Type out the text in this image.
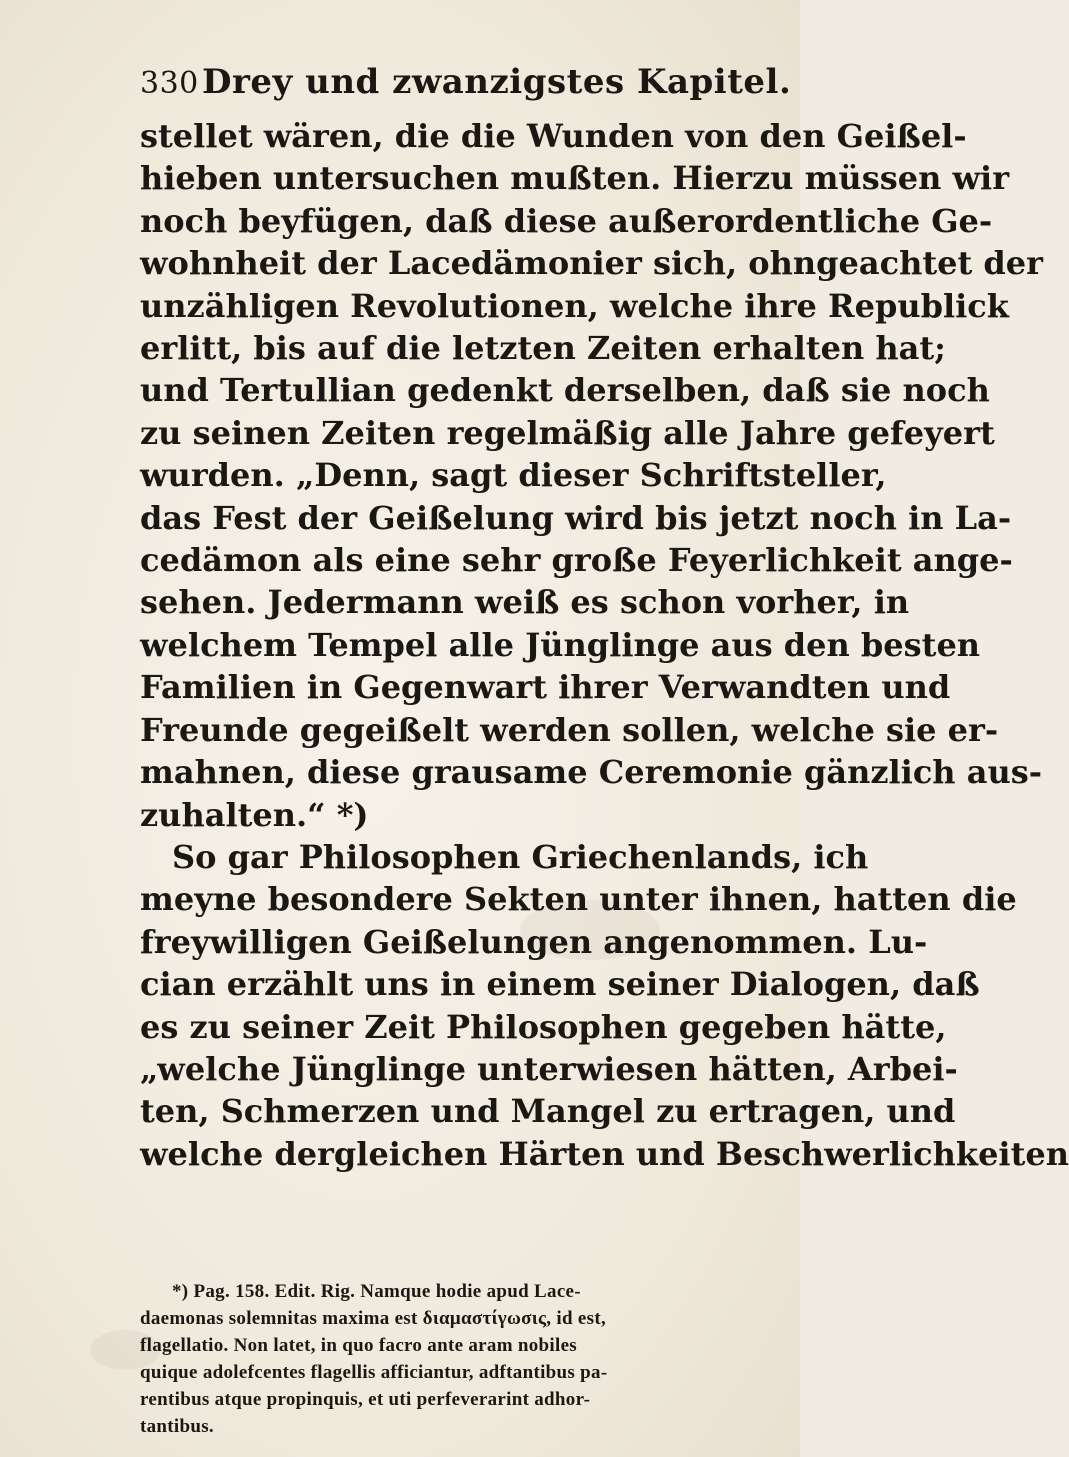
330Drey und zwanzigstes Kapitel.
stellet wären, die die Wunden von den Geißel-
hieben untersuchen mußten. Hierzu müssen wir
noch beyfügen, daß diese außerordentliche Ge-
wohnheit der Lacedämonier sich, ohngeachtet der
unzähligen Revolutionen, welche ihre Republick
erlitt, bis auf die letzten Zeiten erhalten hat;
und Tertullian gedenkt derselben, daß sie noch
zu seinen Zeiten regelmäßig alle Jahre gefeyert
wurden. „Denn, sagt dieser Schriftsteller,
das Fest der Geißelung wird bis jetzt noch in La-
cedämon als eine sehr große Feyerlichkeit ange-
sehen. Jedermann weiß es schon vorher, in
welchem Tempel alle Jünglinge aus den besten
Familien in Gegenwart ihrer Verwandten und
Freunde gegeißelt werden sollen, welche sie er-
mahnen, diese grausame Ceremonie gänzlich aus-
zuhalten.“ *)
So gar Philosophen Griechenlands, ich
meyne besondere Sekten unter ihnen, hatten die
freywilligen Geißelungen angenommen. Lu-
cian erzählt uns in einem seiner Dialogen, daß
es zu seiner Zeit Philosophen gegeben hätte,
„welche Jünglinge unterwiesen hätten, Arbei-
ten, Schmerzen und Mangel zu ertragen, und
welche dergleichen Härten und Beschwerlichkeiten
*) Pag. 158. Edit. Rig. Namque hodie apud Lace-
daemonas solemnitas maxima est διαμαστίγωσις, id est,
flagellatio. Non latet, in quo facro ante aram nobiles
quique adolefcentes flagellis afficiantur, adftantibus pa-
rentibus atque propinquis, et uti perfeverarint adhor-
tantibus.
